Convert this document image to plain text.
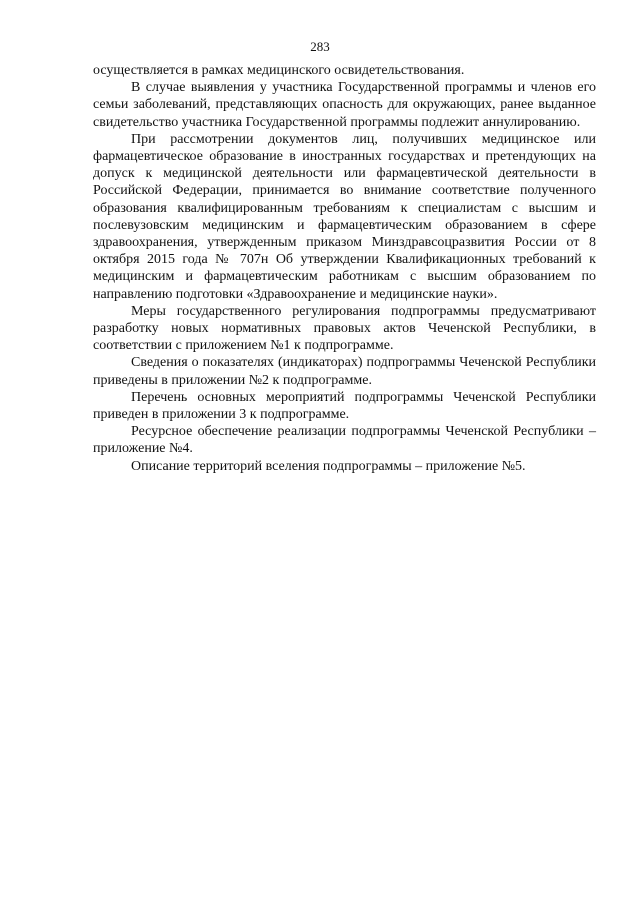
283

осуществляется в рамках медицинского освидетельствования.

В случае выявления у участника Государственной программы и членов его семьи заболеваний, представляющих опасность для окружающих, ранее выданное свидетельство участника Государственной программы подлежит аннулированию.

При рассмотрении документов лиц, получивших медицинское или фармацевтическое образование в иностранных государствах и претендующих на допуск к медицинской деятельности или фармацевтической деятельности в Российской Федерации, принимается во внимание соответствие полученного образования квалифицированным требованиям к специалистам с высшим и послевузовским медицинским и фармацевтическим образованием в сфере здравоохранения, утвержденным приказом Минздравсоцразвития России от 8 октября 2015 года № 707н Об утверждении Квалификационных требований к медицинским и фармацевтическим работникам с высшим образованием по направлению подготовки «Здравоохранение и медицинские науки».

Меры государственного регулирования подпрограммы предусматривают разработку новых нормативных правовых актов Чеченской Республики, в соответствии с приложением №1 к подпрограмме.

Сведения о показателях (индикаторах) подпрограммы Чеченской Республики приведены в приложении №2 к подпрограмме.

Перечень основных мероприятий подпрограммы Чеченской Республики приведен в приложении 3 к подпрограмме.

Ресурсное обеспечение реализации подпрограммы Чеченской Республики – приложение №4.

Описание территорий вселения подпрограммы – приложение №5.
